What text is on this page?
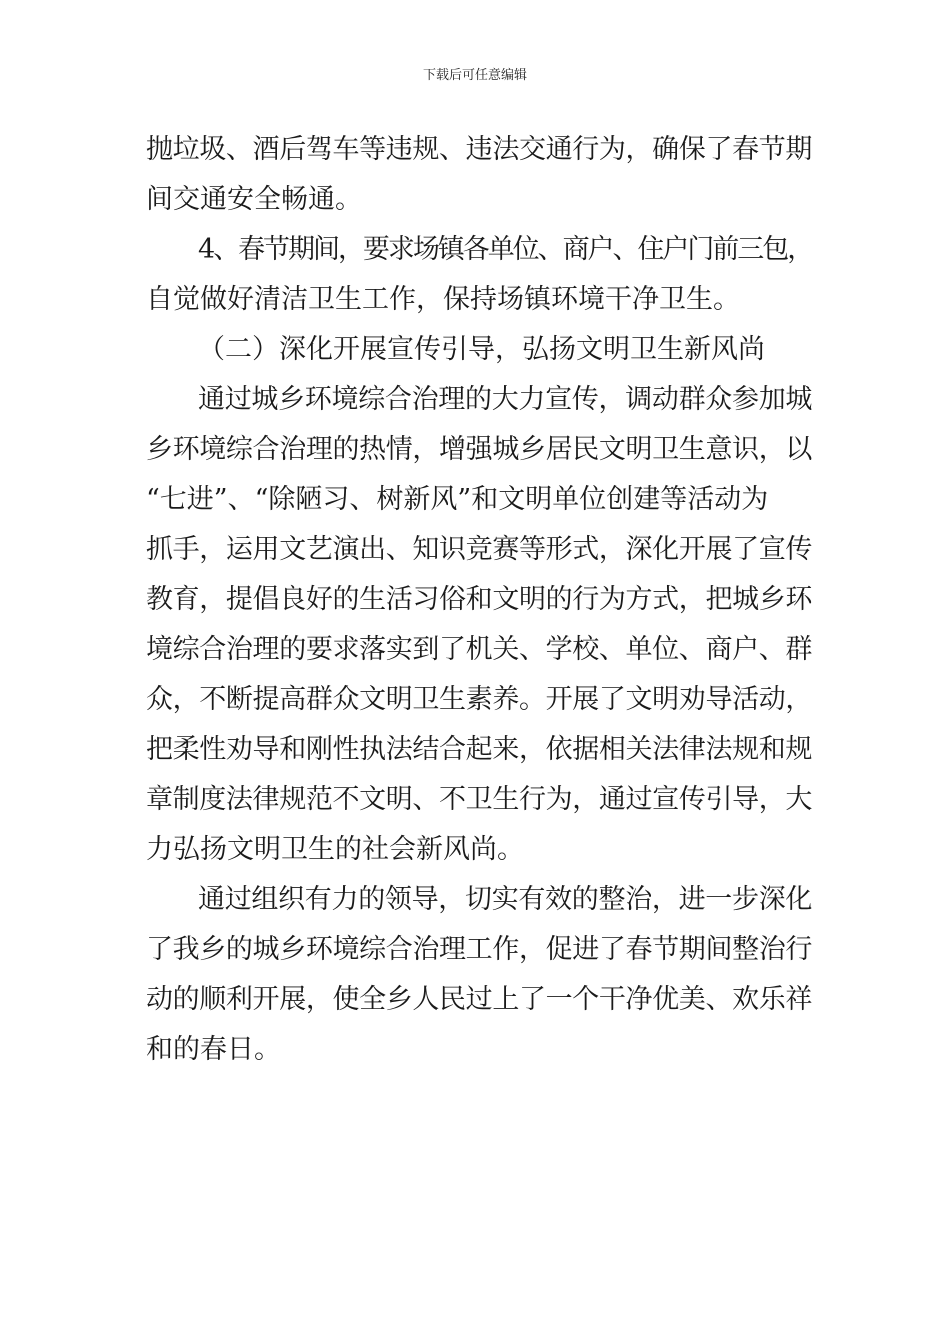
下载后可任意编辑
抛垃圾、酒后驾车等违规、违法交通行为，确保了春节期
间交通安全畅通。
4、春节期间，要求场镇各单位、商户、住户门前三包，
自觉做好清洁卫生工作，保持场镇环境干净卫生。
（二）深化开展宣传引导，弘扬文明卫生新风尚
通过城乡环境综合治理的大力宣传，调动群众参加城
乡环境综合治理的热情，增强城乡居民文明卫生意识，以
“七进”、“除陋习、树新风”和文明单位创建等活动为
抓手，运用文艺演出、知识竞赛等形式，深化开展了宣传
教育，提倡良好的生活习俗和文明的行为方式，把城乡环
境综合治理的要求落实到了机关、学校、单位、商户、群
众，不断提高群众文明卫生素养。开展了文明劝导活动，
把柔性劝导和刚性执法结合起来，依据相关法律法规和规
章制度法律规范不文明、不卫生行为，通过宣传引导，大
力弘扬文明卫生的社会新风尚。
通过组织有力的领导，切实有效的整治，进一步深化
了我乡的城乡环境综合治理工作，促进了春节期间整治行
动的顺利开展，使全乡人民过上了一个干净优美、欢乐祥
和的春日。
